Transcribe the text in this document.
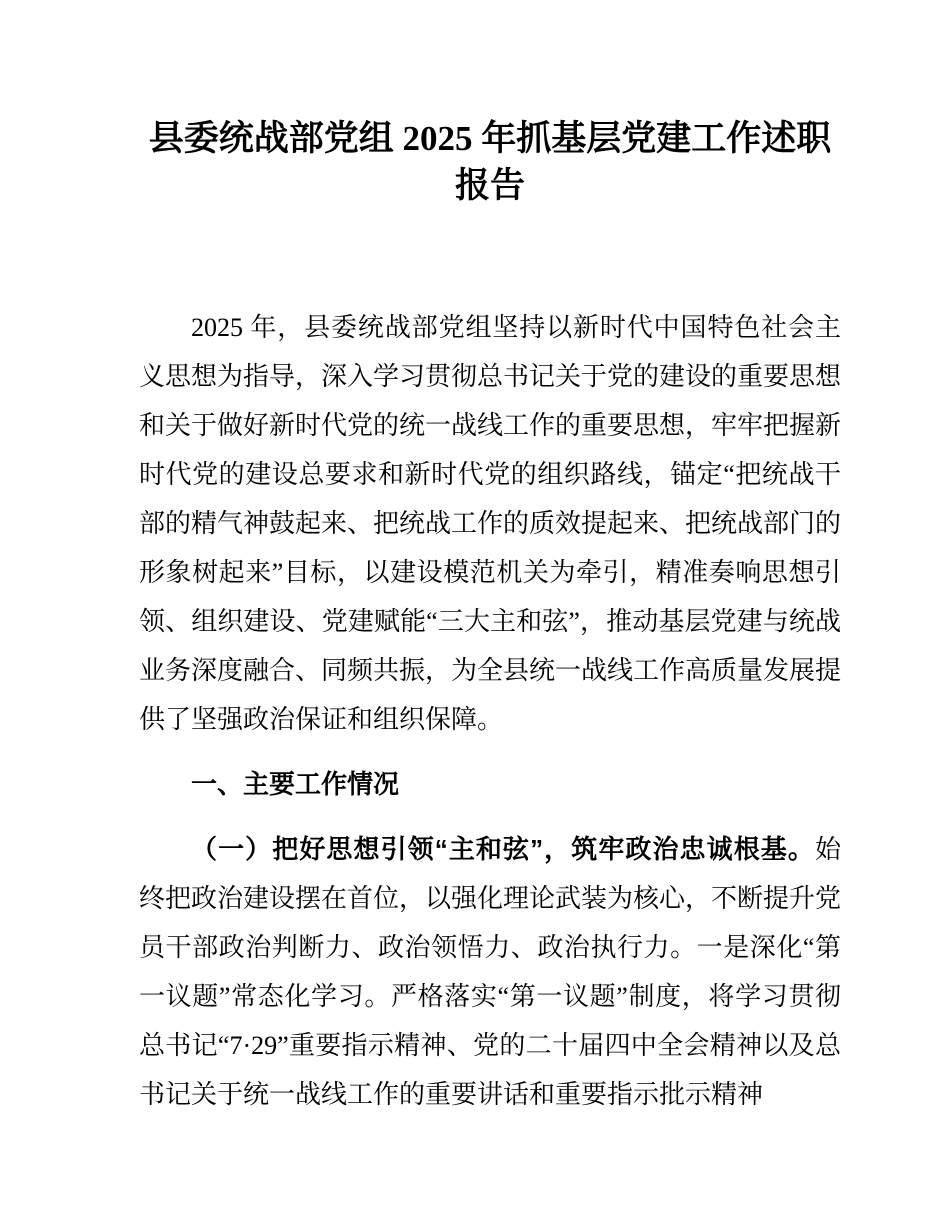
县委统战部党组 2025 年抓基层党建工作述职报告

2025 年，县委统战部党组坚持以新时代中国特色社会主义思想为指导，深入学习贯彻总书记关于党的建设的重要思想和关于做好新时代党的统一战线工作的重要思想，牢牢把握新时代党的建设总要求和新时代党的组织路线，锚定“把统战干部的精气神鼓起来、把统战工作的质效提起来、把统战部门的形象树起来”目标，以建设模范机关为牵引，精准奏响思想引领、组织建设、党建赋能“三大主和弦”，推动基层党建与统战业务深度融合、同频共振，为全县统一战线工作高质量发展提供了坚强政治保证和组织保障。

一、主要工作情况

（一）把好思想引领“主和弦”，筑牢政治忠诚根基。始终把政治建设摆在首位，以强化理论武装为核心，不断提升党员干部政治判断力、政治领悟力、政治执行力。一是深化“第一议题”常态化学习。严格落实“第一议题”制度，将学习贯彻总书记“7·29”重要指示精神、党的二十届四中全会精神以及总书记关于统一战线工作的重要讲话和重要指示批示精神
